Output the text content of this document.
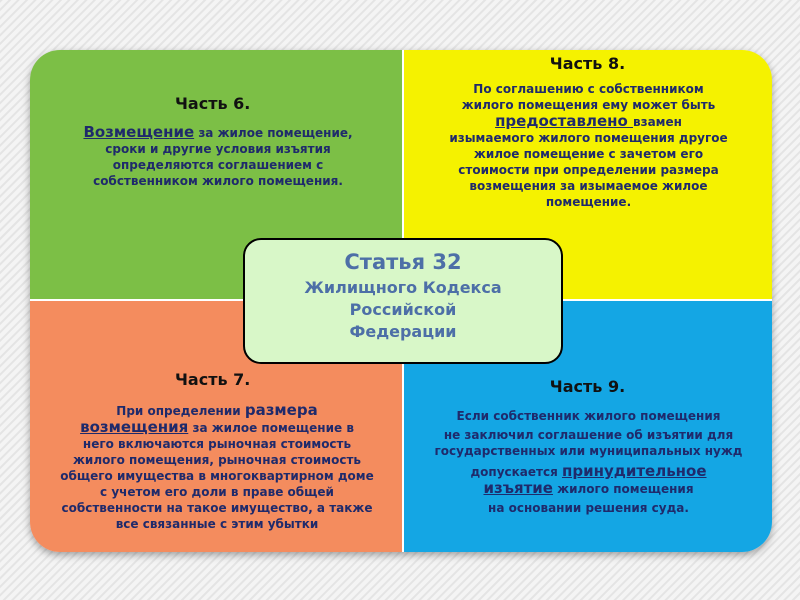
Часть 6.

Возмещение за жилое помещение,
сроки и другие условия изъятия
определяются соглашением с
собственником жилого помещения.

Часть 8.

По соглашению с собственником
жилого помещения ему может быть
предоставлено взамен
изымаемого жилого помещения другое
жилое помещение с зачетом его
стоимости при определении размера
возмещения за изымаемое жилое
помещение.

Часть 7.

При определении размера
возмещения за жилое помещение в
него включаются рыночная стоимость
жилого помещения, рыночная стоимость
общего имущества в многоквартирном доме
с учетом его доли в праве общей
собственности на такое имущество, а также
все связанные с этим убытки

Часть 9.

Если собственник жилого помещения
не заключил соглашение об изъятии для
государственных или муниципальных нужд
допускается принудительное
изъятие жилого помещения
на основании решения суда.
Статья 32
Жилищного Кодекса
Российской
Федерации
